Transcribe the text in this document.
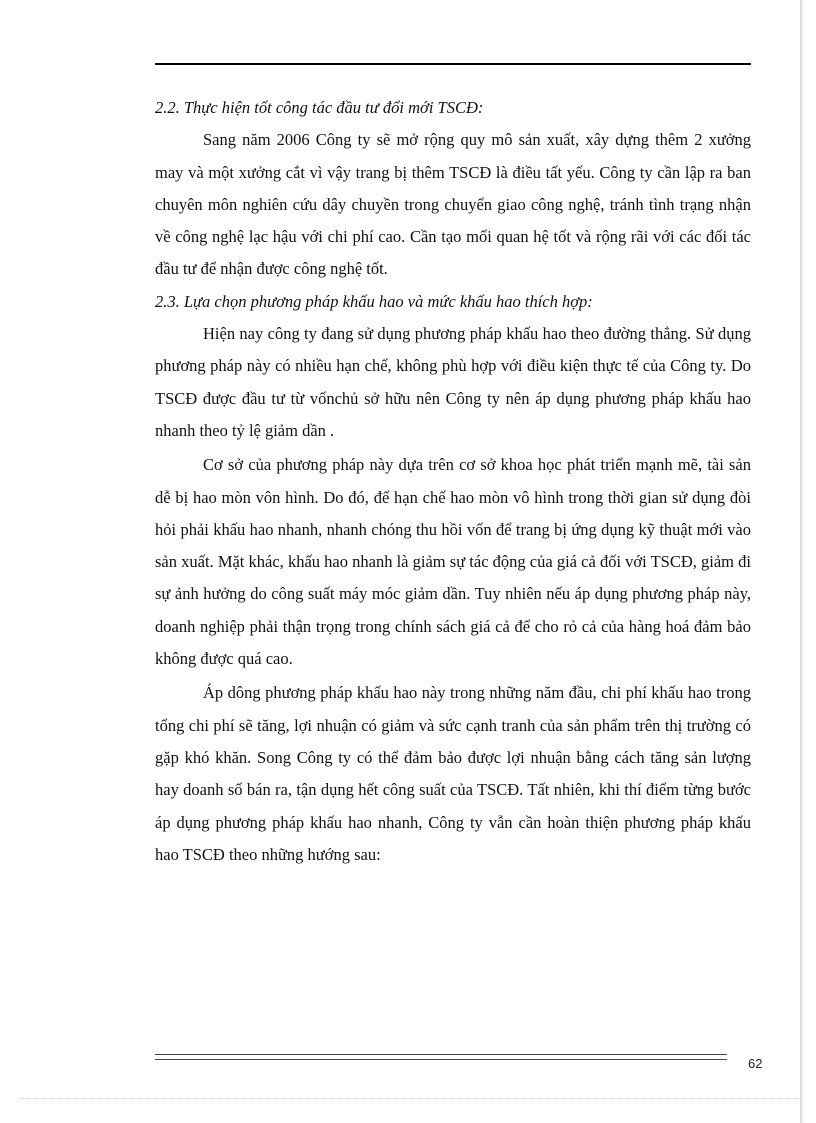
2.2. Thực hiện tốt công tác đầu tư đổi mới TSCĐ:

Sang năm 2006 Công ty sẽ mở rộng quy mô sản xuất, xây dựng thêm 2 xưởng may và một xưởng cắt vì vậy trang bị thêm TSCĐ là điều tất yếu. Công ty cần lập ra ban chuyên môn nghiên cứu dây chuyền trong chuyển giao công nghệ, tránh tình trạng nhận về công nghệ lạc hậu với chi phí cao. Cần tạo mối quan hệ tốt và rộng rãi với các đối tác đầu tư để nhận được công nghệ tốt.

2.3. Lựa chọn phương pháp khấu hao và mức khấu hao thích hợp:

Hiện nay công ty đang sử dụng phương pháp khấu hao theo đường thẳng. Sử dụng phương pháp này có nhiều hạn chế, không phù hợp với điều kiện thực tế của Công ty. Do TSCĐ được đầu tư từ vốnchủ sở hữu nên Công ty nên áp dụng phương pháp khấu hao nhanh theo tỷ lệ giảm dần .

Cơ sở của phương pháp này dựa trên cơ sở khoa học phát triển mạnh mẽ, tài sản dễ bị hao mòn vôn hình. Do đó, để hạn chế hao mòn vô hình trong thời gian sử dụng đòi hỏi phải khấu hao nhanh, nhanh chóng thu hồi vốn để trang bị ứng dụng kỹ thuật mới vào sản xuất. Mặt khác, khấu hao nhanh là giảm sự tác động của giá cả đối với TSCĐ, giảm đi sự ảnh hưởng do công suất máy móc giảm dần. Tuy nhiên nếu áp dụng phương pháp này, doanh nghiệp phải thận trọng trong chính sách giá cả để cho rỏ cả của hàng hoá đảm bảo không được quá cao.

Áp dông phương pháp khấu hao này trong những năm đầu, chi phí khấu hao trong tổng chi phí sẽ tăng, lợi nhuận có giảm và sức cạnh tranh của sản phẩm trên thị trường có gặp khó khăn. Song Công ty có thể đảm bảo được lợi nhuận bằng cách tăng sản lượng hay doanh số bán ra, tận dụng hết công suất của TSCĐ. Tất nhiên, khi thí điểm từng bước áp dụng phương pháp khấu hao nhanh, Công ty vẫn cần hoàn thiện phương pháp khấu hao TSCĐ theo những hướng sau:

62
